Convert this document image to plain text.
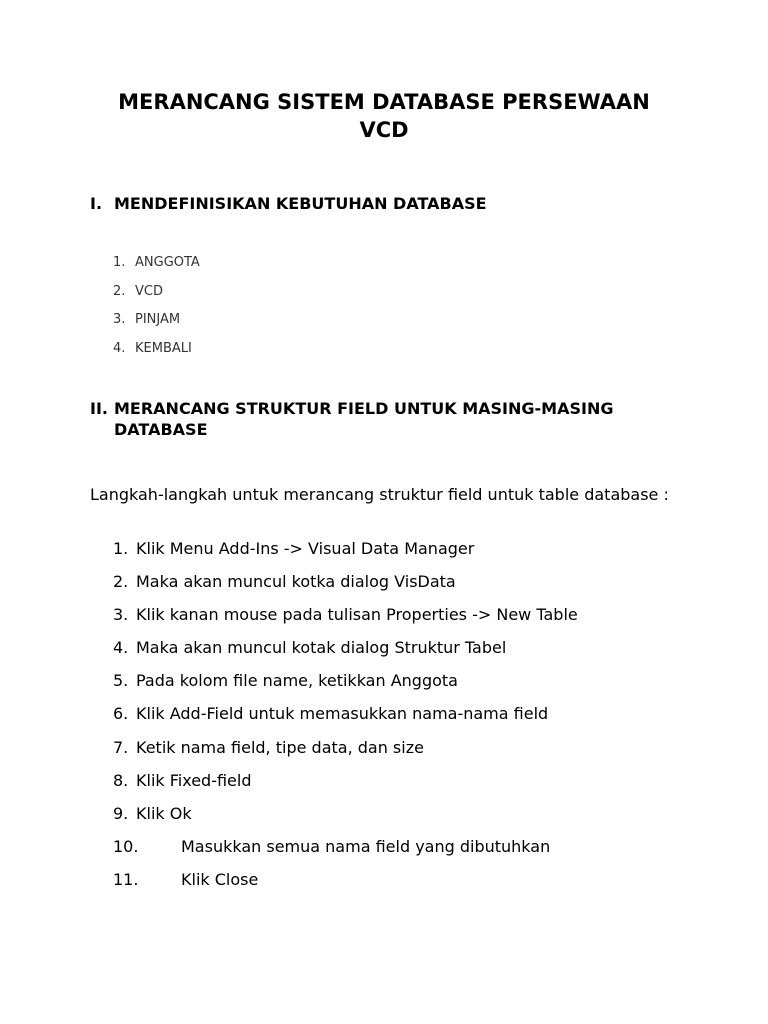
MERANCANG SISTEM DATABASE PERSEWAAN
VCD
I. MENDEFINISIKAN KEBUTUHAN DATABASE
1. ANGGOTA
2. VCD
3. PINJAM
4. KEMBALI
II. MERANCANG STRUKTUR FIELD UNTUK MASING-MASING DATABASE
Langkah-langkah untuk merancang struktur field untuk table database :
1. Klik Menu Add-Ins -> Visual Data Manager
2. Maka akan muncul kotka dialog VisData
3. Klik kanan mouse pada tulisan Properties -> New Table
4. Maka akan muncul kotak dialog Struktur Tabel
5. Pada kolom file name, ketikkan Anggota
6. Klik Add-Field untuk memasukkan nama-nama field
7. Ketik nama field, tipe data, dan size
8. Klik Fixed-field
9. Klik Ok
10.	Masukkan semua nama field yang dibutuhkan
11.	Klik Close
